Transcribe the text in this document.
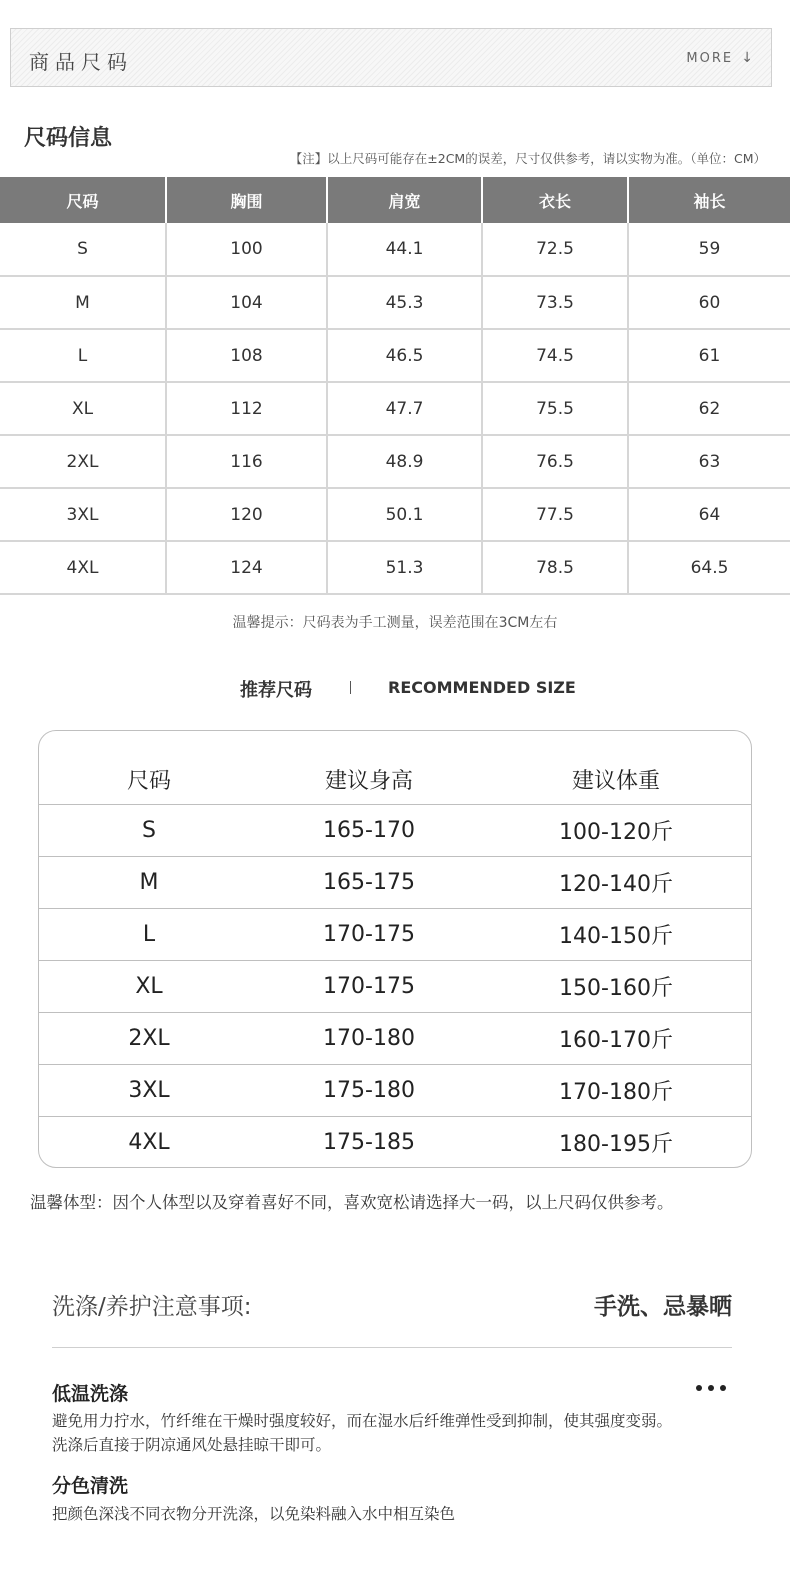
商品尺码	MORE ↓
尺码信息
【注】以上尺码可能存在±2CM的误差，尺寸仅供参考，请以实物为准。（单位：CM）
尺码	胸围	肩宽	衣长	袖长
S	100	44.1	72.5	59
M	104	45.3	73.5	60
L	108	46.5	74.5	61
XL	112	47.7	75.5	62
2XL	116	48.9	76.5	63
3XL	120	50.1	77.5	64
4XL	124	51.3	78.5	64.5
温馨提示：尺码表为手工测量，误差范围在3CM左右
推荐尺码	RECOMMENDED SIZE
尺码	建议身高	建议体重
S	165-170	100-120斤
M	165-175	120-140斤
L	170-175	140-150斤
XL	170-175	150-160斤
2XL	170-180	160-170斤
3XL	175-180	170-180斤
4XL	175-185	180-195斤
温馨体型：因个人体型以及穿着喜好不同，喜欢宽松请选择大一码，以上尺码仅供参考。
洗涤/养护注意事项:	手洗、忌暴晒
低温洗涤
避免用力拧水，竹纤维在干燥时强度较好，而在湿水后纤维弹性受到抑制，使其强度变弱。
洗涤后直接于阴凉通风处悬挂晾干即可。
分色清洗
把颜色深浅不同衣物分开洗涤，以免染料融入水中相互染色
